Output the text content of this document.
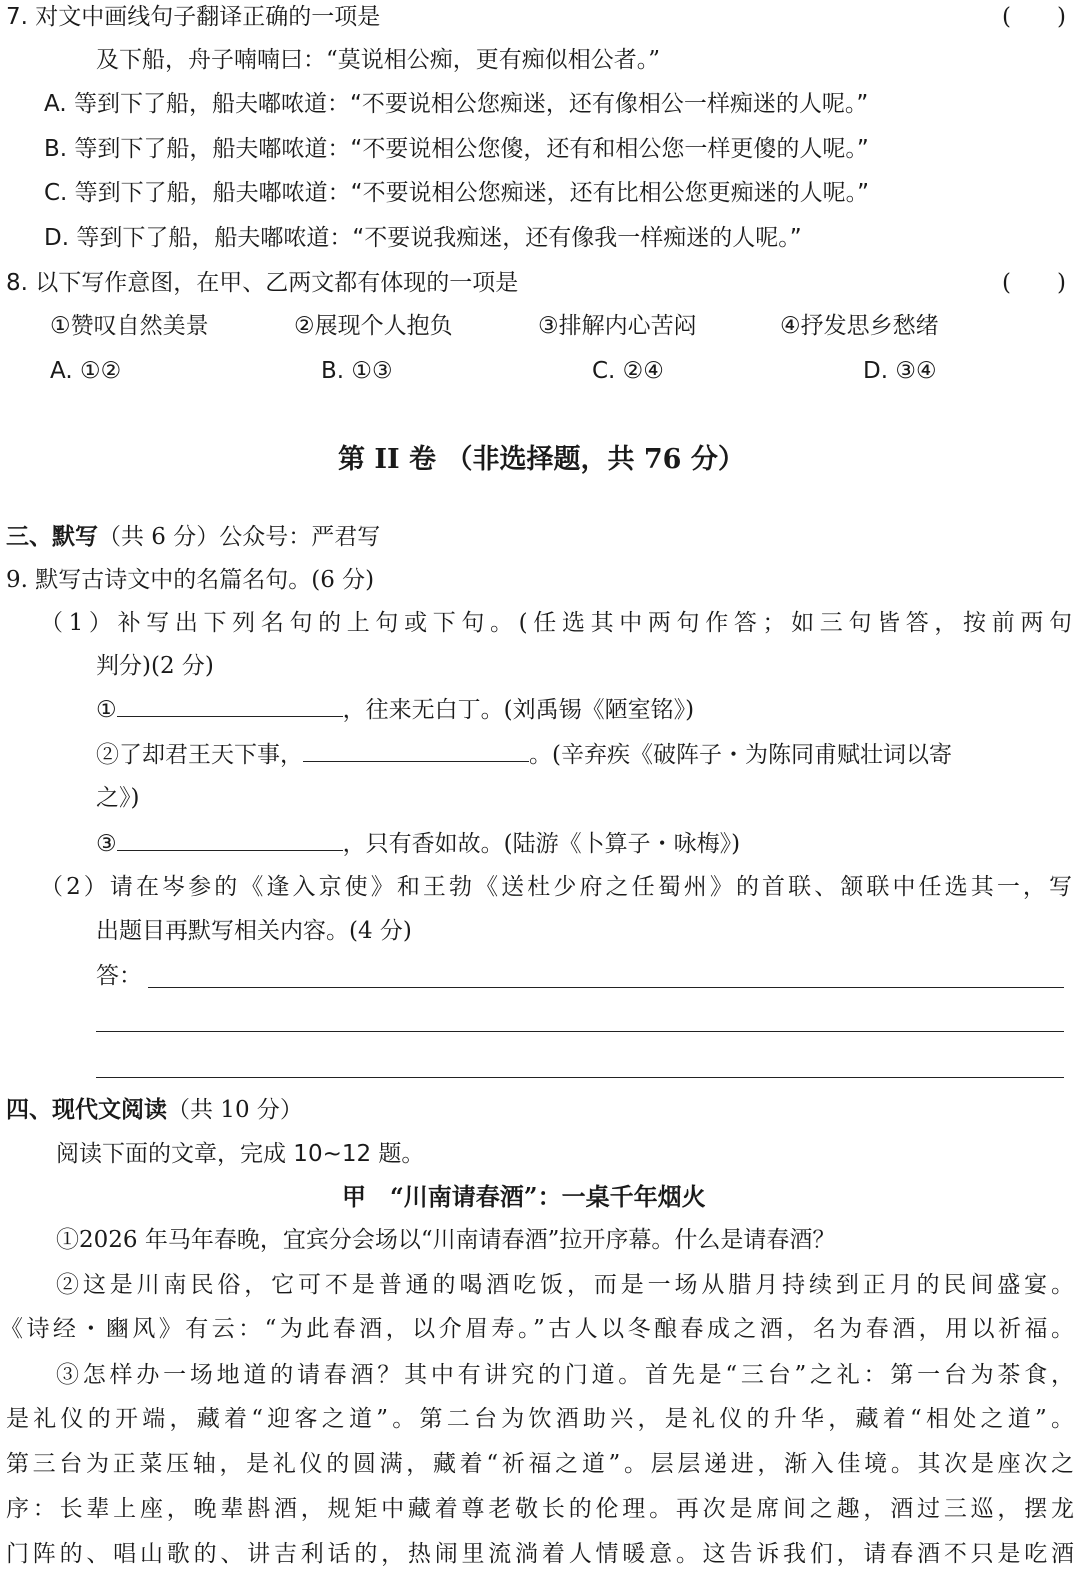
7. 对文中画线句子翻译正确的一项是	(　　)
及下船，舟子喃喃曰：“莫说相公痴，更有痴似相公者。”
A. 等到下了船，船夫嘟哝道：“不要说相公您痴迷，还有像相公一样痴迷的人呢。”
B. 等到下了船，船夫嘟哝道：“不要说相公您傻，还有和相公您一样更傻的人呢。”
C. 等到下了船，船夫嘟哝道：“不要说相公您痴迷，还有比相公您更痴迷的人呢。”
D. 等到下了船，船夫嘟哝道：“不要说我痴迷，还有像我一样痴迷的人呢。”
8. 以下写作意图，在甲、乙两文都有体现的一项是	(　　)
①赞叹自然美景	②展现个人抱负	③排解内心苦闷	④抒发思乡愁绪
A. ①②	B. ①③	C. ②④	D. ③④
第 II 卷 （非选择题，共 76 分）
三、默写（共 6 分）公众号：严君写
9. 默写古诗文中的名篇名句。(6 分)
（1）补写出下列名句的上句或下句。(任选其中两句作答；如三句皆答，按前两句
判分)(2 分)
①	，往来无白丁。(刘禹锡《陋室铭》)
②了却君王天下事，	。(辛弃疾《破阵子・为陈同甫赋壮词以寄
之》)
③	，只有香如故。(陆游《卜算子・咏梅》)
（2）请在岑参的《逢入京使》和王勃《送杜少府之任蜀州》的首联、颔联中任选其一，写
出题目再默写相关内容。(4 分)
答：
四、现代文阅读（共 10 分）
阅读下面的文章，完成 10~12 题。
甲　“川南请春酒”：一桌千年烟火
①2026 年马年春晚，宜宾分会场以“川南请春酒”拉开序幕。什么是请春酒？
②这是川南民俗，它可不是普通的喝酒吃饭，而是一场从腊月持续到正月的民间盛宴。
《诗经・豳风》有云：“为此春酒，以介眉寿。”古人以冬酿春成之酒，名为春酒，用以祈福。
③怎样办一场地道的请春酒？其中有讲究的门道。首先是“三台”之礼：第一台为茶食，
是礼仪的开端，藏着“迎客之道”。第二台为饮酒助兴，是礼仪的升华，藏着“相处之道”。
第三台为正菜压轴，是礼仪的圆满，藏着“祈福之道”。层层递进，渐入佳境。其次是座次之
序：长辈上座，晚辈斟酒，规矩中藏着尊老敬长的伦理。再次是席间之趣，酒过三巡，摆龙
门阵的、唱山歌的、讲吉利话的，热闹里流淌着人情暖意。这告诉我们，请春酒不只是吃酒
